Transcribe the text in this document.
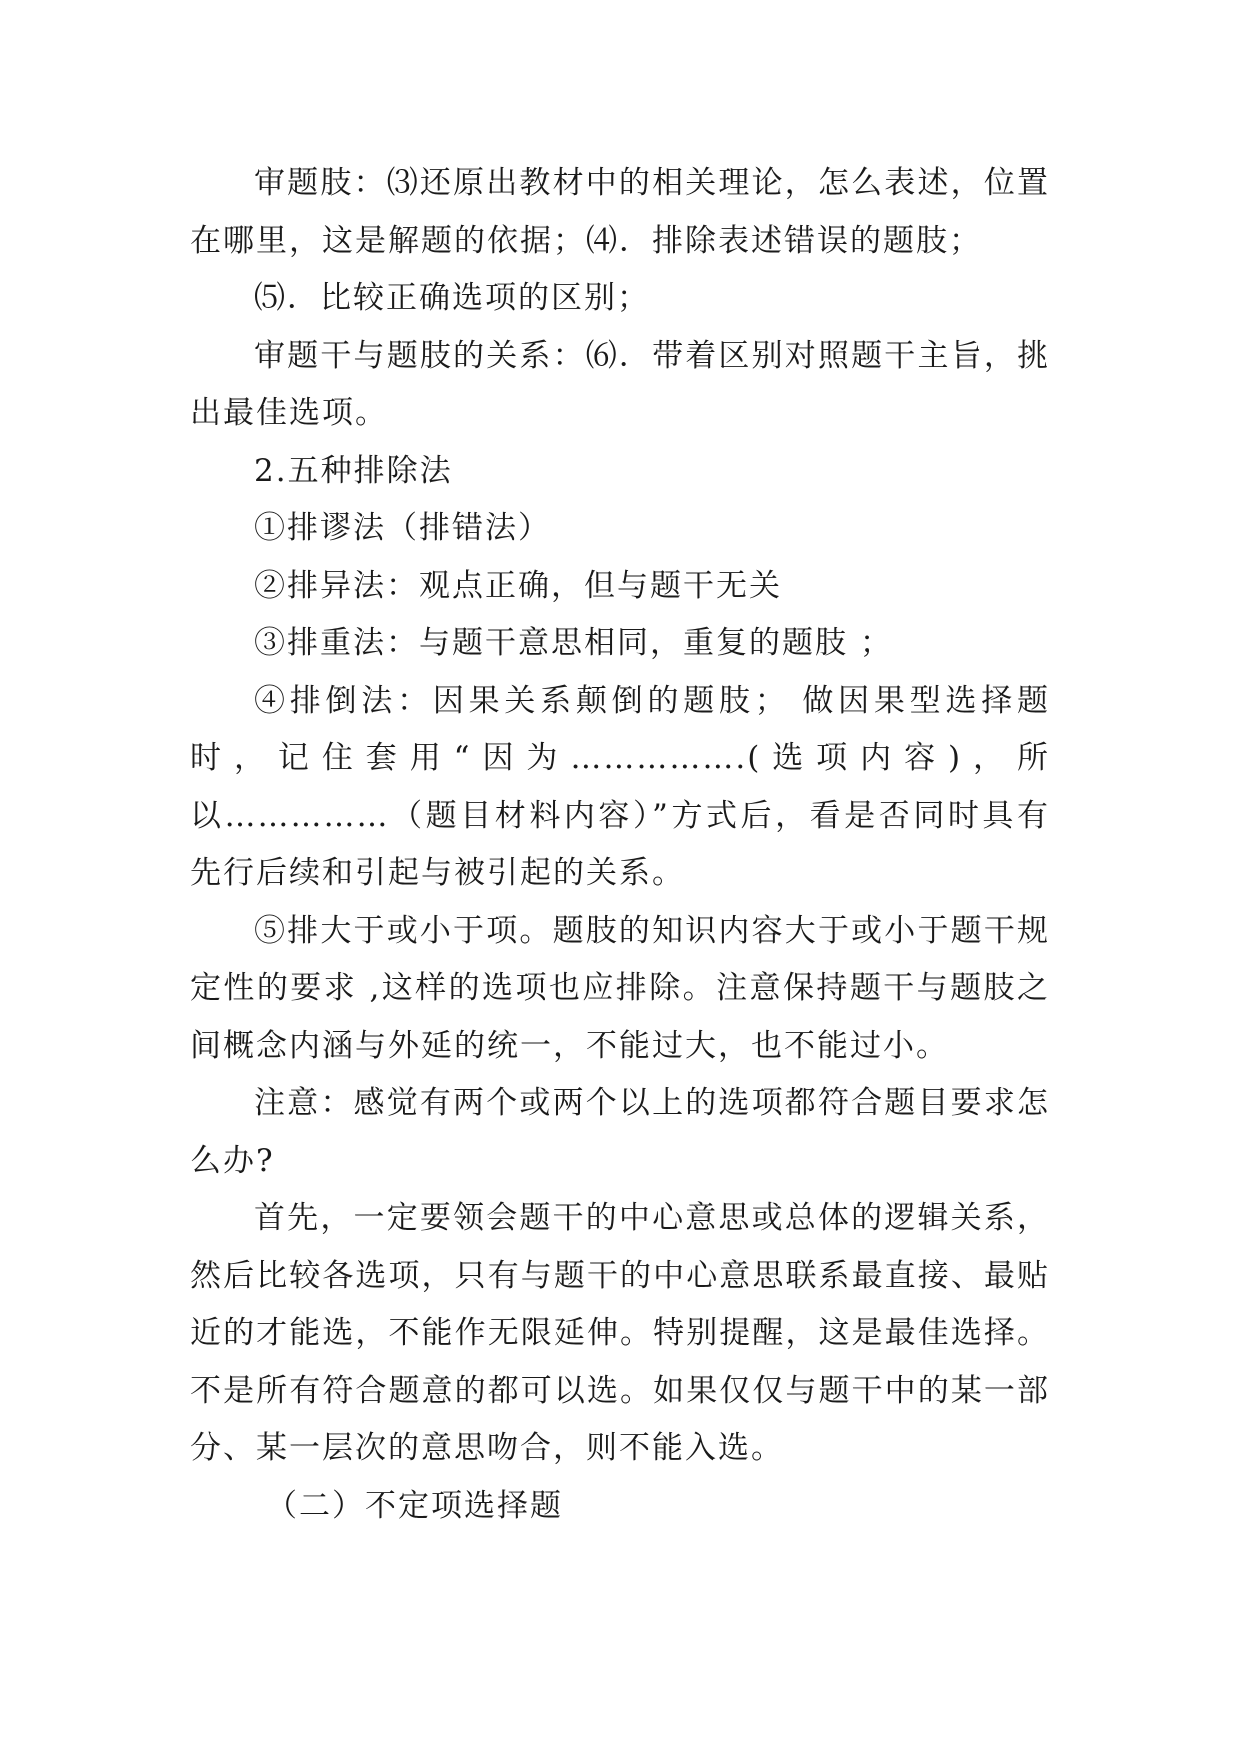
审题肢：⑶还原出教材中的相关理论，怎么表述，位置在哪里，这是解题的依据；⑷．排除表述错误的题肢；

⑸．比较正确选项的区别；

审题干与题肢的关系：⑹．带着区别对照题干主旨，挑出最佳选项。

2.五种排除法

①排谬法（排错法）

②排异法：观点正确，但与题干无关

③排重法：与题干意思相同，重复的题肢 ；

④排倒法：因果关系颠倒的题肢； 做因果型选择题时，记住套用“因为…………….(选项内容)，所以……………（题目材料内容）”方式后，看是否同时具有先行后续和引起与被引起的关系。

⑤排大于或小于项。题肢的知识内容大于或小于题干规定性的要求 ,这样的选项也应排除。注意保持题干与题肢之间概念内涵与外延的统一，不能过大，也不能过小。

注意：感觉有两个或两个以上的选项都符合题目要求怎么办?

首先，一定要领会题干的中心意思或总体的逻辑关系，然后比较各选项，只有与题干的中心意思联系最直接、最贴近的才能选，不能作无限延伸。特别提醒，这是最佳选择。不是所有符合题意的都可以选。如果仅仅与题干中的某一部分、某一层次的意思吻合，则不能入选。

（二）不定项选择题
